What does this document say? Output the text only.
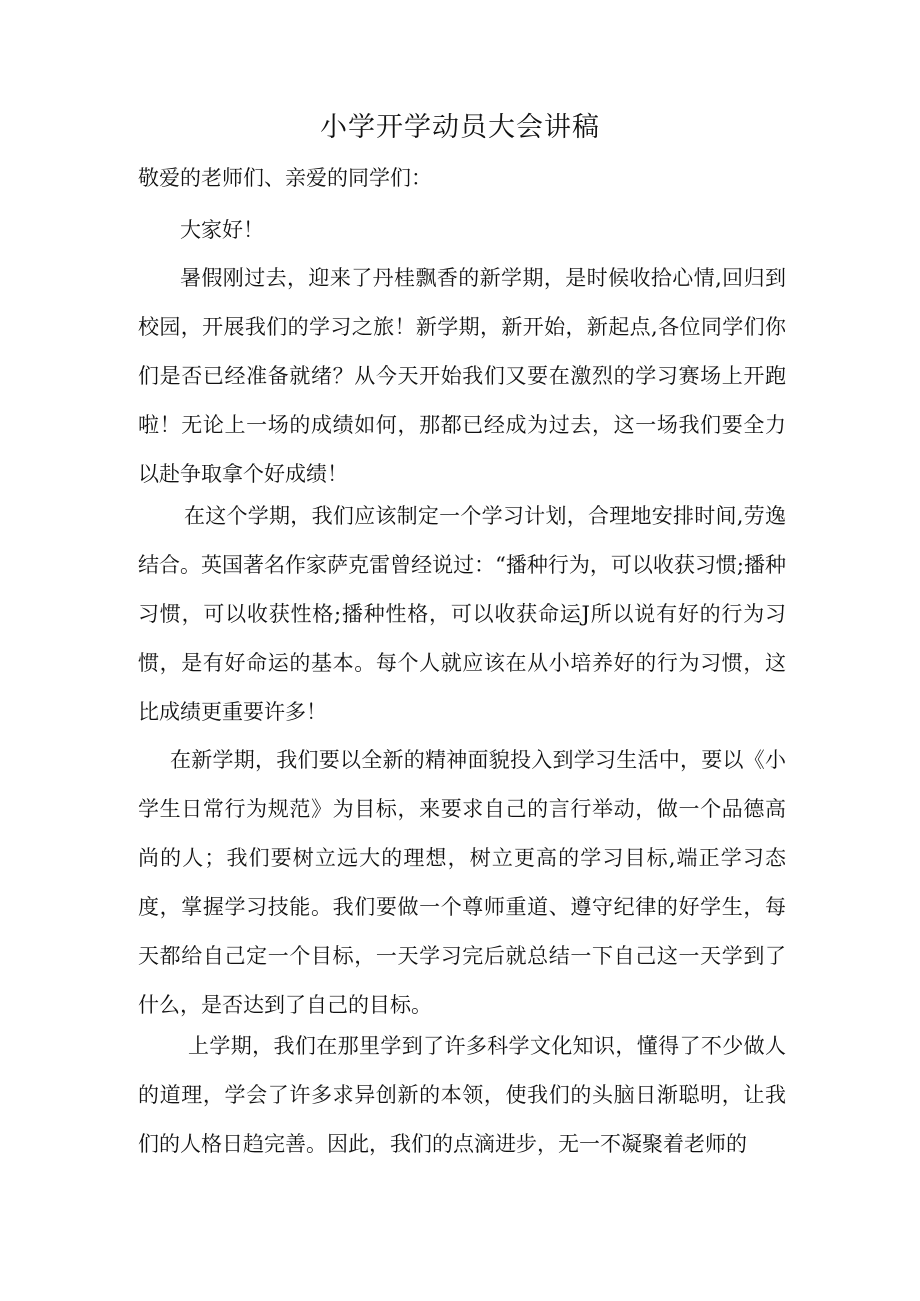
小学开学动员大会讲稿

敬爱的老师们、亲爱的同学们：

大家好！

暑假刚过去，迎来了丹桂飘香的新学期，是时候收拾心情,回归到校园，开展我们的学习之旅！新学期，新开始，新起点,各位同学们你们是否已经准备就绪？从今天开始我们又要在激烈的学习赛场上开跑啦！无论上一场的成绩如何，那都已经成为过去，这一场我们要全力以赴争取拿个好成绩！

在这个学期，我们应该制定一个学习计划，合理地安排时间,劳逸结合。英国著名作家萨克雷曾经说过：“播种行为，可以收获习惯;播种习惯，可以收获性格;播种性格，可以收获命运J所以说有好的行为习惯，是有好命运的基本。每个人就应该在从小培养好的行为习惯，这比成绩更重要许多！

在新学期，我们要以全新的精神面貌投入到学习生活中，要以《小学生日常行为规范》为目标，来要求自己的言行举动，做一个品德高尚的人；我们要树立远大的理想，树立更高的学习目标,端正学习态度，掌握学习技能。我们要做一个尊师重道、遵守纪律的好学生，每天都给自己定一个目标，一天学习完后就总结一下自己这一天学到了什么，是否达到了自己的目标。

上学期，我们在那里学到了许多科学文化知识，懂得了不少做人的道理，学会了许多求异创新的本领，使我们的头脑日渐聪明，让我们的人格日趋完善。因此，我们的点滴进步，无一不凝聚着老师的
